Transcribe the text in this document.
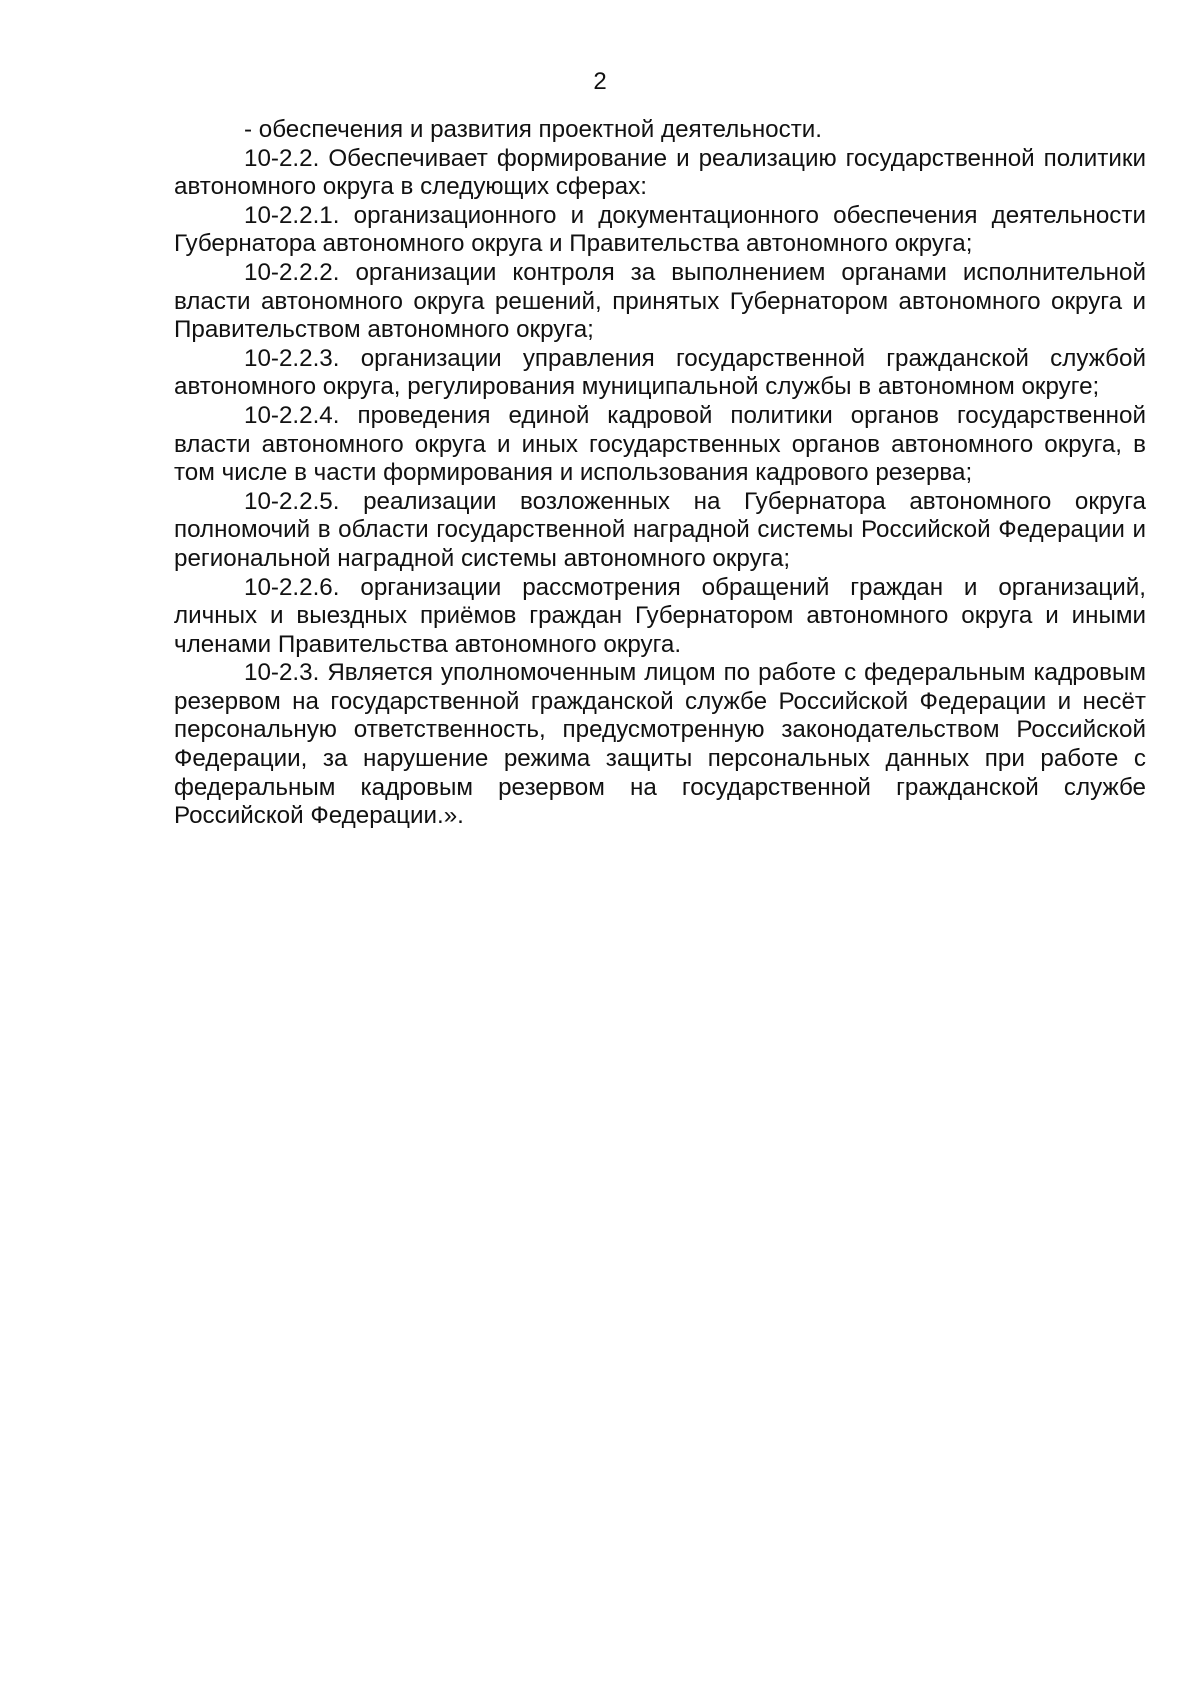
2

- обеспечения и развития проектной деятельности.

10-2.2. Обеспечивает формирование и реализацию государственной политики автономного округа в следующих сферах:

10-2.2.1. организационного и документационного обеспечения деятельности Губернатора автономного округа и Правительства автономного округа;

10-2.2.2. организации контроля за выполнением органами исполнительной власти автономного округа решений, принятых Губернатором автономного округа и Правительством автономного округа;

10-2.2.3. организации управления государственной гражданской службой автономного округа, регулирования муниципальной службы в автономном округе;

10-2.2.4. проведения единой кадровой политики органов государственной власти автономного округа и иных государственных органов автономного округа, в том числе в части формирования и использования кадрового резерва;

10-2.2.5. реализации возложенных на Губернатора автономного округа полномочий в области государственной наградной системы Российской Федерации и региональной наградной системы автономного округа;

10-2.2.6. организации рассмотрения обращений граждан и организаций, личных и выездных приёмов граждан Губернатором автономного округа и иными членами Правительства автономного округа.

10-2.3. Является уполномоченным лицом по работе с федеральным кадровым резервом на государственной гражданской службе Российской Федерации и несёт персональную ответственность, предусмотренную законодательством Российской Федерации, за нарушение режима защиты персональных данных при работе с федеральным кадровым резервом на государственной гражданской службе Российской Федерации.».
